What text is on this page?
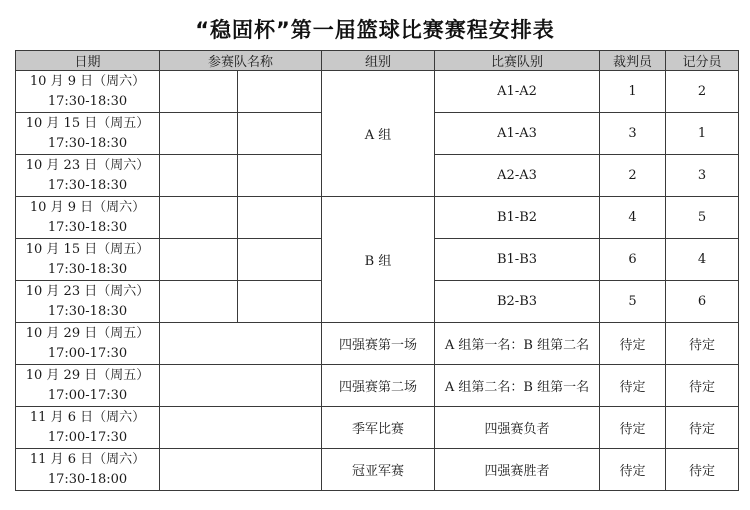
“稳固杯”第一届篮球比赛赛程安排表
日期	参赛队名称		组别	比赛队别	裁判员	记分员

10 月 9 日（周六）
17:30-18:30			A 组	A1-A2	1	2

10 月 15 日（周五）
17:30-18:30				A1-A3	3	1

10 月 23 日（周六）
17:30-18:30				A2-A3	2	3

10 月 9 日（周六）
17:30-18:30			B 组	B1-B2	4	5

10 月 15 日（周五）
17:30-18:30				B1-B3	6	4

10 月 23 日（周六）
17:30-18:30				B2-B3	5	6

10 月 29 日（周五）
17:00-17:30			四强赛第一场	A 组第一名：B 组第二名	待定	待定

10 月 29 日（周五）
17:00-17:30			四强赛第二场	A 组第二名：B 组第一名	待定	待定

11 月 6 日（周六）
17:00-17:30			季军比赛	四强赛负者	待定	待定

11 月 6 日（周六）
17:30-18:00			冠亚军赛	四强赛胜者	待定	待定
